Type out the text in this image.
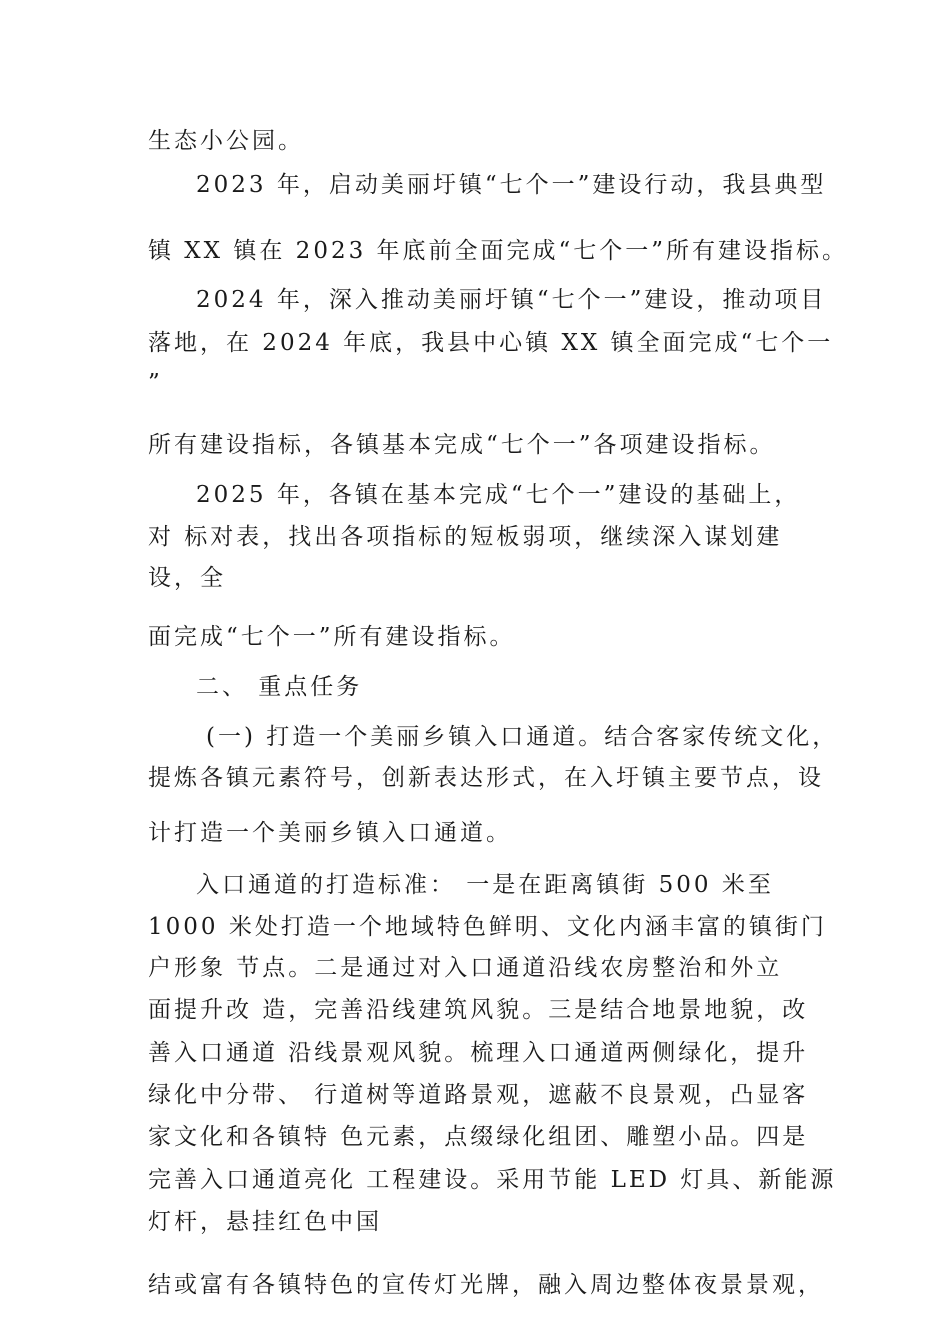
生态小公园。
2023 年，启动美丽圩镇“七个一”建设行动，我县典型
镇 XX 镇在 2023 年底前全面完成“七个一”所有建设指标。
2024 年，深入推动美丽圩镇“七个一”建设，推动项目
落地，在 2024 年底，我县中心镇 XX 镇全面完成“七个一
”
所有建设指标，各镇基本完成“七个一”各项建设指标。
2025 年，各镇在基本完成“七个一”建设的基础上，
对 标对表，找出各项指标的短板弱项，继续深入谋划建
设，全
面完成“七个一”所有建设指标。
二、 重点任务
(一) 打造一个美丽乡镇入口通道。结合客家传统文化，
提炼各镇元素符号，创新表达形式，在入圩镇主要节点，设
计打造一个美丽乡镇入口通道。
入口通道的打造标准： 一是在距离镇街 500 米至
1000 米处打造一个地域特色鲜明、文化内涵丰富的镇街门
户形象 节点。二是通过对入口通道沿线农房整治和外立
面提升改 造，完善沿线建筑风貌。三是结合地景地貌，改
善入口通道 沿线景观风貌。梳理入口通道两侧绿化，提升
绿化中分带、 行道树等道路景观，遮蔽不良景观，凸显客
家文化和各镇特 色元素，点缀绿化组团、雕塑小品。四是
完善入口通道亮化 工程建设。采用节能 LED 灯具、新能源
灯杆，悬挂红色中国
结或富有各镇特色的宣传灯光牌，融入周边整体夜景景观，
